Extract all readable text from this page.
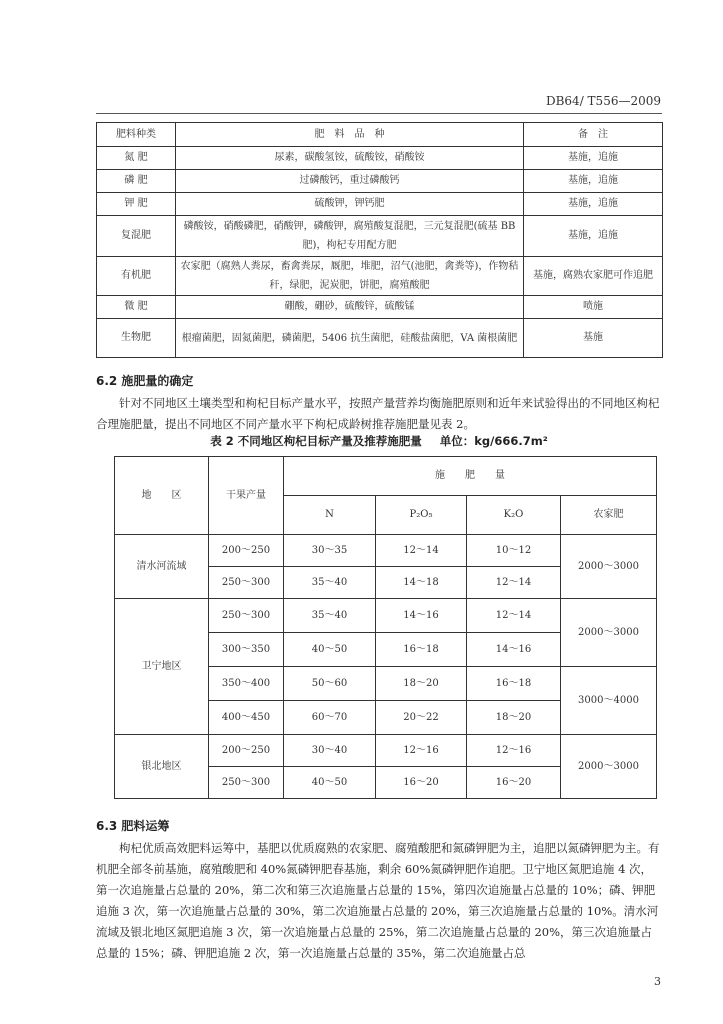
DB64/ T556—2009
肥料种类	肥　料　品　种	备　注
氮 肥	尿素，碳酸氢铵，硫酸铵，硝酸铵	基施，追施
磷 肥	过磷酸钙，重过磷酸钙	基施，追施
钾 肥	硫酸钾，钾钙肥	基施，追施
复混肥	磷酸铵，硝酸磷肥，硝酸钾，磷酸钾，腐殖酸复混肥，三元复混肥(硫基 BB 肥)，枸杞专用配方肥	基施，追施
有机肥	农家肥（腐熟人粪尿，畜禽粪尿，厩肥，堆肥，沼气(池肥，禽粪等)，作物秸秆，绿肥，泥炭肥，饼肥，腐殖酸肥	基施，腐熟农家肥可作追肥
微 肥	硼酸，硼砂，硫酸锌，硫酸锰	喷施
生物肥	根瘤菌肥，固氮菌肥，磷菌肥，5406 抗生菌肥，硅酸盐菌肥，VA 菌根菌肥	基施
6.2 施肥量的确定
针对不同地区土壤类型和枸杞目标产量水平，按照产量营养均衡施肥原则和近年来试验得出的不同地区枸杞合理施肥量，提出不同地区不同产量水平下枸杞成龄树推荐施肥量见表 2。
表 2 不同地区枸杞目标产量及推荐施肥量 单位：kg/666.7m²
地　　区	干果产量	施　　肥　　量			
		N	P₂O₅	K₂O	农家肥
清水河流域	200～250	30～35	12～14	10～12	2000～3000
	250～300	35～40	14～18	12～14	
卫宁地区	250～300	35～40	14～16	12～14	2000～3000
	300～350	40～50	16～18	14～16	
	350～400	50～60	18～20	16～18	3000～4000
	400～450	60～70	20～22	18～20	
银北地区	200～250	30～40	12～16	12～16	2000～3000
	250～300	40～50	16～20	16～20	
6.3 肥料运筹
枸杞优质高效肥料运筹中，基肥以优质腐熟的农家肥、腐殖酸肥和氮磷钾肥为主，追肥以氮磷钾肥为主。有机肥全部冬前基施，腐殖酸肥和 40%氮磷钾肥春基施，剩余 60%氮磷钾肥作追肥。卫宁地区氮肥追施 4 次，第一次追施量占总量的 20%，第二次和第三次追施量占总量的 15%，第四次追施量占总量的 10%；磷、钾肥追施 3 次，第一次追施量占总量的 30%，第二次追施量占总量的 20%，第三次追施量占总量的 10%。清水河流域及银北地区氮肥追施 3 次，第一次追施量占总量的 25%，第二次追施量占总量的 20%，第三次追施量占总量的 15%；磷、钾肥追施 2 次，第一次追施量占总量的 35%，第二次追施量占总
3
